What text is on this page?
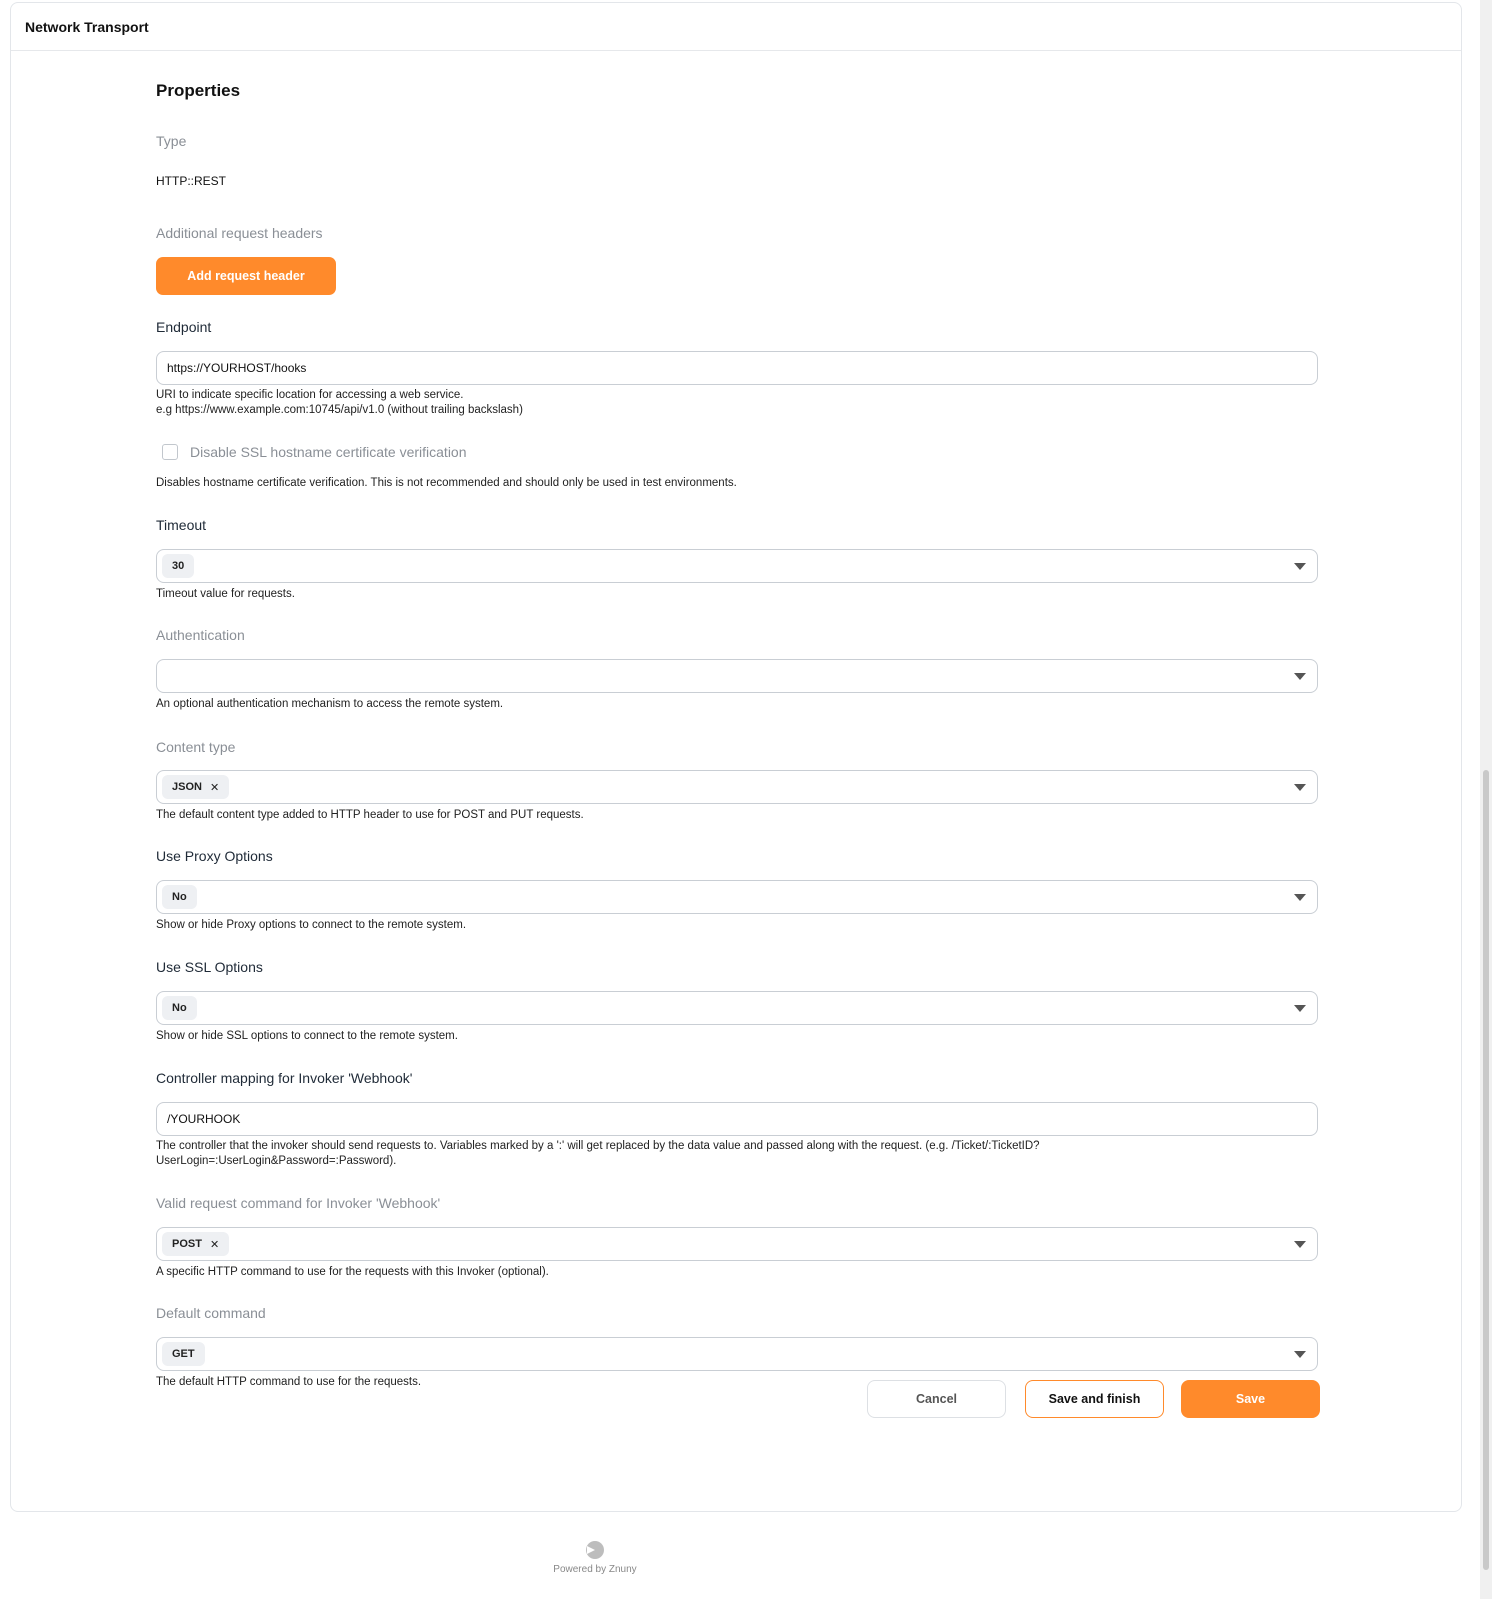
Network Transport
Properties
Type
HTTP::REST
Additional request headers
Add request header
Endpoint
https://YOURHOST/hooks
URI to indicate specific location for accessing a web service.
e.g https://www.example.com:10745/api/v1.0 (without trailing backslash)
Disable SSL hostname certificate verification
Disables hostname certificate verification. This is not recommended and should only be used in test environments.
Timeout
30
Timeout value for requests.
Authentication
An optional authentication mechanism to access the remote system.
Content type
JSON ✕
The default content type added to HTTP header to use for POST and PUT requests.
Use Proxy Options
No
Show or hide Proxy options to connect to the remote system.
Use SSL Options
No
Show or hide SSL options to connect to the remote system.
Controller mapping for Invoker 'Webhook'
/YOURHOOK
The controller that the invoker should send requests to. Variables marked by a ':' will get replaced by the data value and passed along with the request. (e.g. /Ticket/:TicketID?
UserLogin=:UserLogin&Password=:Password).
Valid request command for Invoker 'Webhook'
POST ✕
A specific HTTP command to use for the requests with this Invoker (optional).
Default command
GET
The default HTTP command to use for the requests.
Cancel	Save and finish	Save
Powered by Znuny
